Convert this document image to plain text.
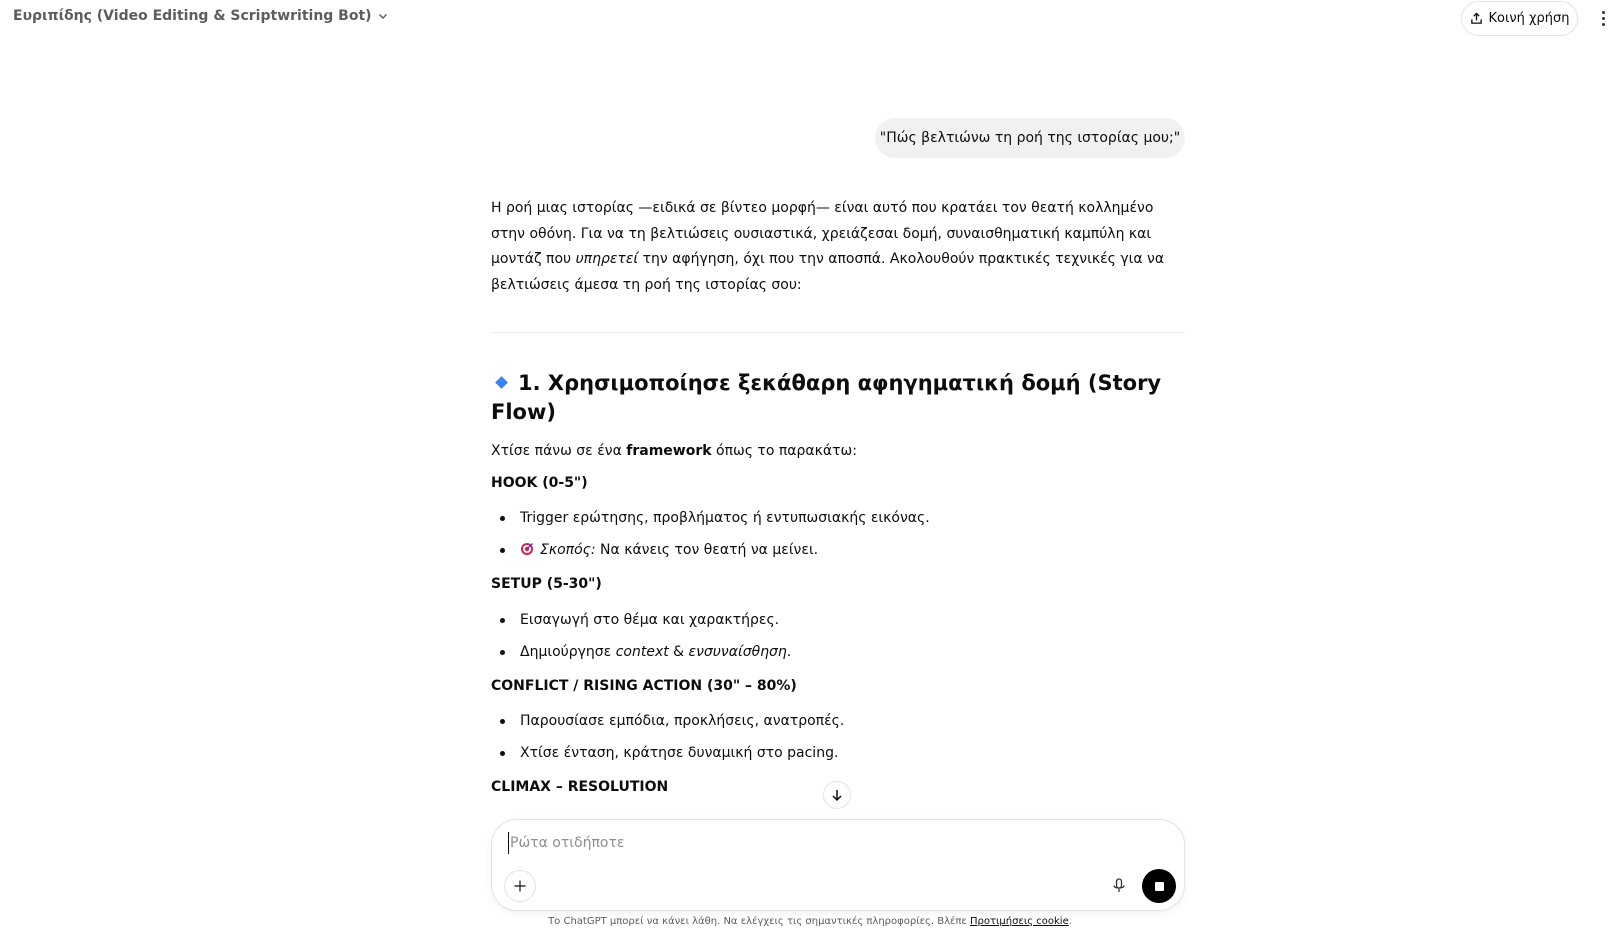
Ευριπίδης (Video Editing & Scriptwriting Bot)	Κοινή χρήση
"Πώς βελτιώνω τη ροή της ιστορίας μου;"

Η ροή μιας ιστορίας —ειδικά σε βίντεο μορφή— είναι αυτό που κρατάει τον θεατή κολλημένο στην οθόνη. Για να τη βελτιώσεις ουσιαστικά, χρειάζεσαι δομή, συναισθηματική καμπύλη και μοντάζ που υπηρετεί την αφήγηση, όχι που την αποσπά. Ακολουθούν πρακτικές τεχνικές για να βελτιώσεις άμεσα τη ροή της ιστορίας σου:

1. Χρησιμοποίησε ξεκάθαρη αφηγηματική δομή (Story Flow)

Χτίσε πάνω σε ένα framework όπως το παρακάτω:

HOOK (0-5")
Trigger ερώτησης, προβλήματος ή εντυπωσιακής εικόνας.
Σκοπός: Να κάνεις τον θεατή να μείνει.
SETUP (5-30")
Εισαγωγή στο θέμα και χαρακτήρες.
Δημιούργησε context & ενσυναίσθηση.
CONFLICT / RISING ACTION (30" – 80%)
Παρουσίασε εμπόδια, προκλήσεις, ανατροπές.
Χτίσε ένταση, κράτησε δυναμική στο pacing.
CLIMAX – RESOLUTION
Ρώτα οτιδήποτε
Το ChatGPT μπορεί να κάνει λάθη. Να ελέγχεις τις σημαντικές πληροφορίες. Βλέπε Προτιμήσεις cookie.
